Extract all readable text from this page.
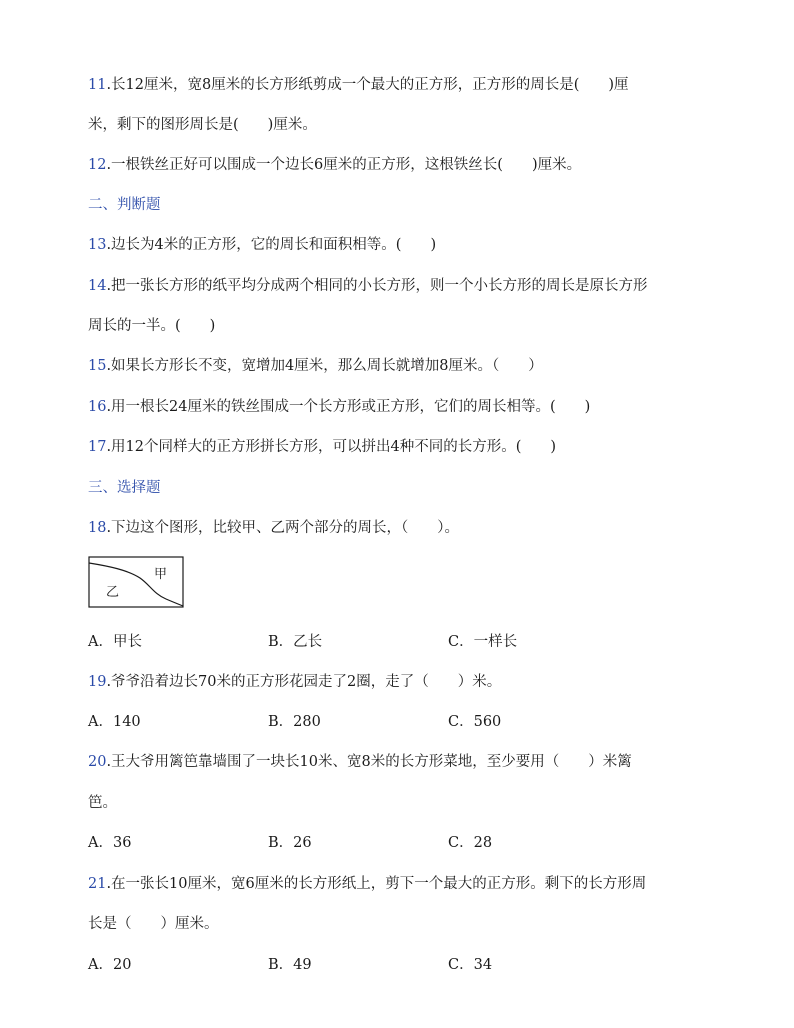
11.长12厘米，宽8厘米的长方形纸剪成一个最大的正方形，正方形的周长是(　　)厘
米，剩下的图形周长是(　　)厘米。
12.一根铁丝正好可以围成一个边长6厘米的正方形，这根铁丝长(　　)厘米。
二、判断题
13.边长为4米的正方形，它的周长和面积相等。(　　)
14.把一张长方形的纸平均分成两个相同的小长方形，则一个小长方形的周长是原长方形
周长的一半。(　　)
15.如果长方形长不变，宽增加4厘米，那么周长就增加8厘米。（　　）
16.用一根长24厘米的铁丝围成一个长方形或正方形，它们的周长相等。(　　)
17.用12个同样大的正方形拼长方形，可以拼出4种不同的长方形。(　　)
三、选择题
18.下边这个图形，比较甲、乙两个部分的周长，（　　）。
乙
甲
A．甲长	B．乙长	C．一样长
19.爷爷沿着边长70米的正方形花园走了2圈，走了（　　）米。
A．140	B．280	C．560
20.王大爷用篱笆靠墙围了一块长10米、宽8米的长方形菜地，至少要用（　　）米篱
笆。
A．36	B．26	C．28
21.在一张长10厘米，宽6厘米的长方形纸上，剪下一个最大的正方形。剩下的长方形周
长是（　　）厘米。
A．20	B．49	C．34
